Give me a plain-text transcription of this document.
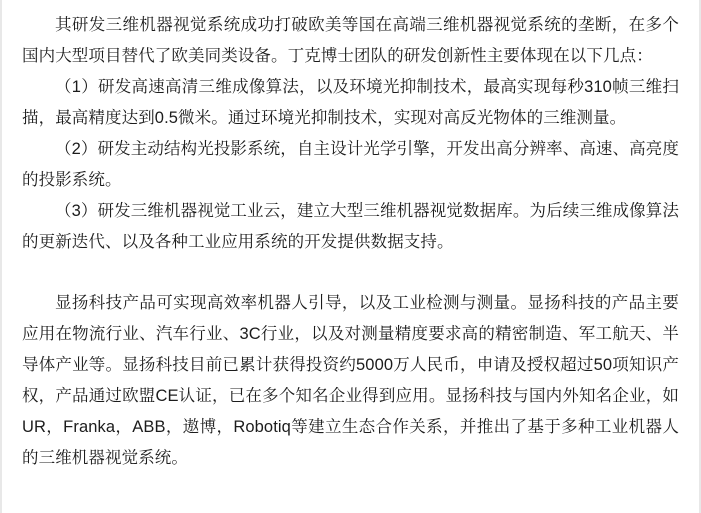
其研发三维机器视觉系统成功打破欧美等国在高端三维机器视觉系统的垄断，在多个国内大型项目替代了欧美同类设备。丁克博士团队的研发创新性主要体现在以下几点：

（1）研发高速高清三维成像算法，以及环境光抑制技术，最高实现每秒310帧三维扫描，最高精度达到0.5微米。通过环境光抑制技术，实现对高反光物体的三维测量。

（2）研发主动结构光投影系统，自主设计光学引擎，开发出高分辨率、高速、高亮度的投影系统。

（3）研发三维机器视觉工业云，建立大型三维机器视觉数据库。为后续三维成像算法的更新迭代、以及各种工业应用系统的开发提供数据支持。

显扬科技产品可实现高效率机器人引导，以及工业检测与测量。显扬科技的产品主要应用在物流行业、汽车行业、3C行业，以及对测量精度要求高的精密制造、军工航天、半导体产业等。显扬科技目前已累计获得投资约5000万人民币，申请及授权超过50项知识产权，产品通过欧盟CE认证，已在多个知名企业得到应用。显扬科技与国内外知名企业，如UR，Franka，ABB，遨博，Robotiq等建立生态合作关系，并推出了基于多种工业机器人的三维机器视觉系统。
